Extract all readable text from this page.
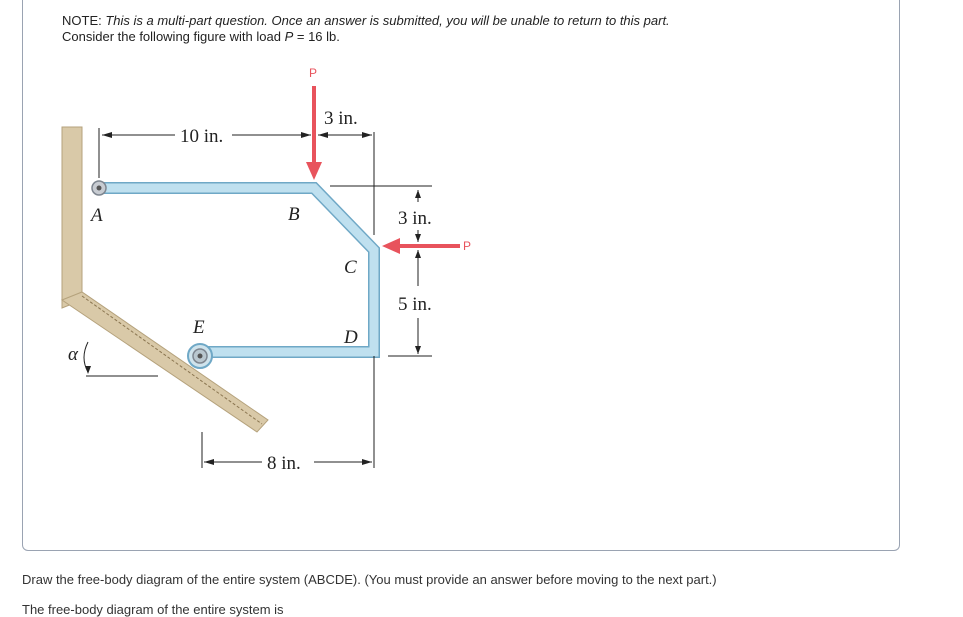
NOTE: This is a multi-part question. Once an answer is submitted, you will be unable to return to this part.
Consider the following figure with load P = 16 lb.
P
P
10 in.
3 in.
3 in.
5 in.
8 in.
α
A	B
C
D
E
Draw the free-body diagram of the entire system (ABCDE). (You must provide an answer before moving to the next part.)
The free-body diagram of the entire system is
